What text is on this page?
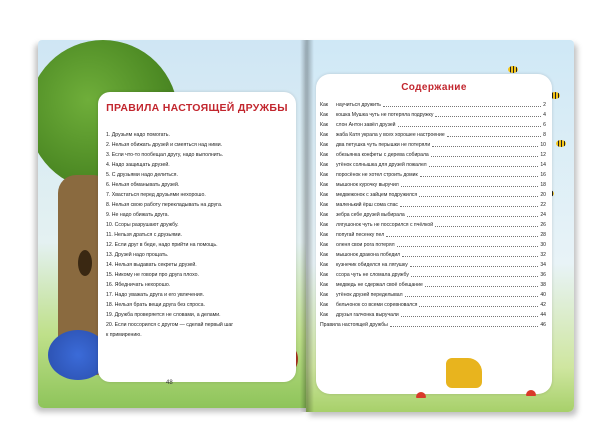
ПРАВИЛА НАСТОЯЩЕЙ ДРУЖБЫ
1. Друзьям надо помогать.
2. Нельзя обижать друзей и смеяться над ними.
3. Если что-то пообещал другу, надо выполнить.
4. Надо защищать друзей.
5. С друзьями надо делиться.
6. Нельзя обманывать друзей.
7. Хвастаться перед друзьями нехорошо.
8. Нельзя свою работу перекладывать на друга.
9. Не надо обижать друга.
10. Ссоры разрушают дружбу.
11. Нельзя драться с друзьями.
12. Если друг в беде, надо прийти на помощь.
13. Друзей надо прощать.
14. Нельзя выдавать секреты друзей.
15. Никому не говори про друга плохо.
16. Ябедничать нехорошо.
17. Надо уважать друга и его увлечения.
18. Нельзя брать вещи друга без спроса.
19. Дружба проверяется не словами, а делами.
20. Если поссорился с другом — сделай первый шаг
к примирению.
48
Содержание
Как	научиться дружить	2
Как	кошка Мушка чуть не потеряла подружку	4
Как	слон Антон завёл друзей	6
Как	жаба Катя украла у всех хорошее настроение	8
Как	два петушка чуть перышки не потеряли	10
Как	обезьянка конфеты с дерева собирала	12
Как	утёнок солнышка для друзей пожалел	14
Как	поросёнок не хотел строить домик	16
Как	мышонок курочку выручил	18
Как	медвежонок с зайцем подружился	20
Как	маленький ёрш сома спас	22
Как	зебра себе друзей выбирала	24
Как	лягушонок чуть не поссорился с пчёлкой	26
Как	попугай песенку пел	28
Как	оленя свои рога потерял	30
Как	мышонок дракона победил	32
Как	кузнечик обиделся на лягушку	34
Как	ссора чуть не сломала дружбу	36
Как	медведь не сдержал своё обещание	38
Как	утёнок друзей переделывал	40
Как	бельчонок со всеми соревновался	42
Как	друзья галчонка выручали	44
Правила настоящей дружбы	46
